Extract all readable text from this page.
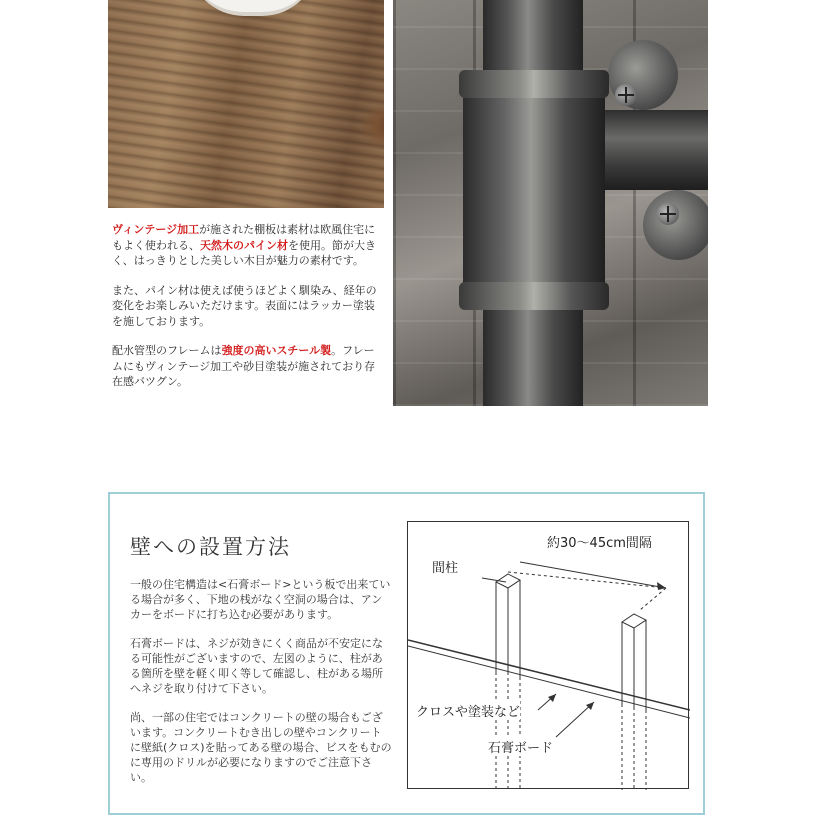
ヴィンテージ加工が施された棚板は素材は欧風住宅にもよく使われる、天然木のパイン材を使用。節が大きく、はっきりとした美しい木目が魅力の素材です。

また、パイン材は使えば使うほどよく馴染み、経年の変化をお楽しみいただけます。表面にはラッカー塗装を施しております。

配水管型のフレームは強度の高いスチール製。フレームにもヴィンテージ加工や砂目塗装が施されており存在感バツグン。

壁への設置方法

一般の住宅構造は<石膏ボード>という板で出来ている場合が多く、下地の桟がなく空洞の場合は、アンカーをボードに打ち込む必要があります。

石膏ボードは、ネジが効きにくく商品が不安定になる可能性がございますので、左図のように、柱がある箇所を壁を軽く叩く等して確認し、柱がある場所へネジを取り付けて下さい。

尚、一部の住宅ではコンクリートの壁の場合もございます。コンクリートむき出しの壁やコンクリートに壁紙(クロス)を貼ってある壁の場合、ビスをもむのに専用のドリルが必要になりますのでご注意下さい。

約30～45cm間隔
間柱
クロスや塗装など
石膏ボード
